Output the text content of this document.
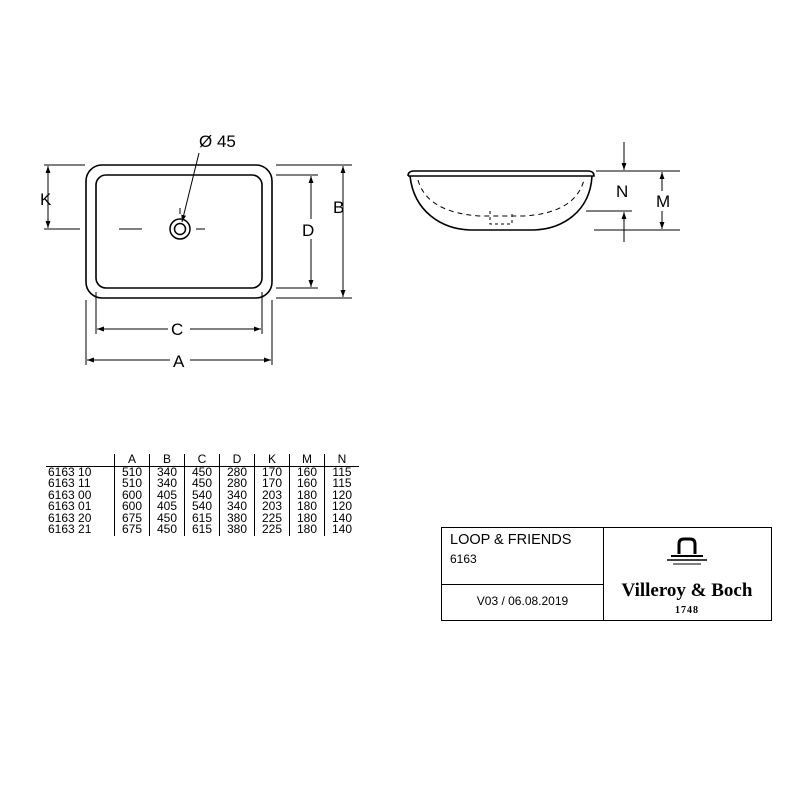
Ø 45
K
D
B
C
A
N
M
	A	B	C	D	K	M	N
6163 10	510	340	450	280	170	160	115
6163 11	510	340	450	280	170	160	115
6163 00	600	405	540	340	203	180	120
6163 01	600	405	540	340	203	180	120
6163 20	675	450	615	380	225	180	140
6163 21	675	450	615	380	225	180	140
LOOP & FRIENDS
6163
V03 / 06.08.2019	Villeroy & Boch
1748
